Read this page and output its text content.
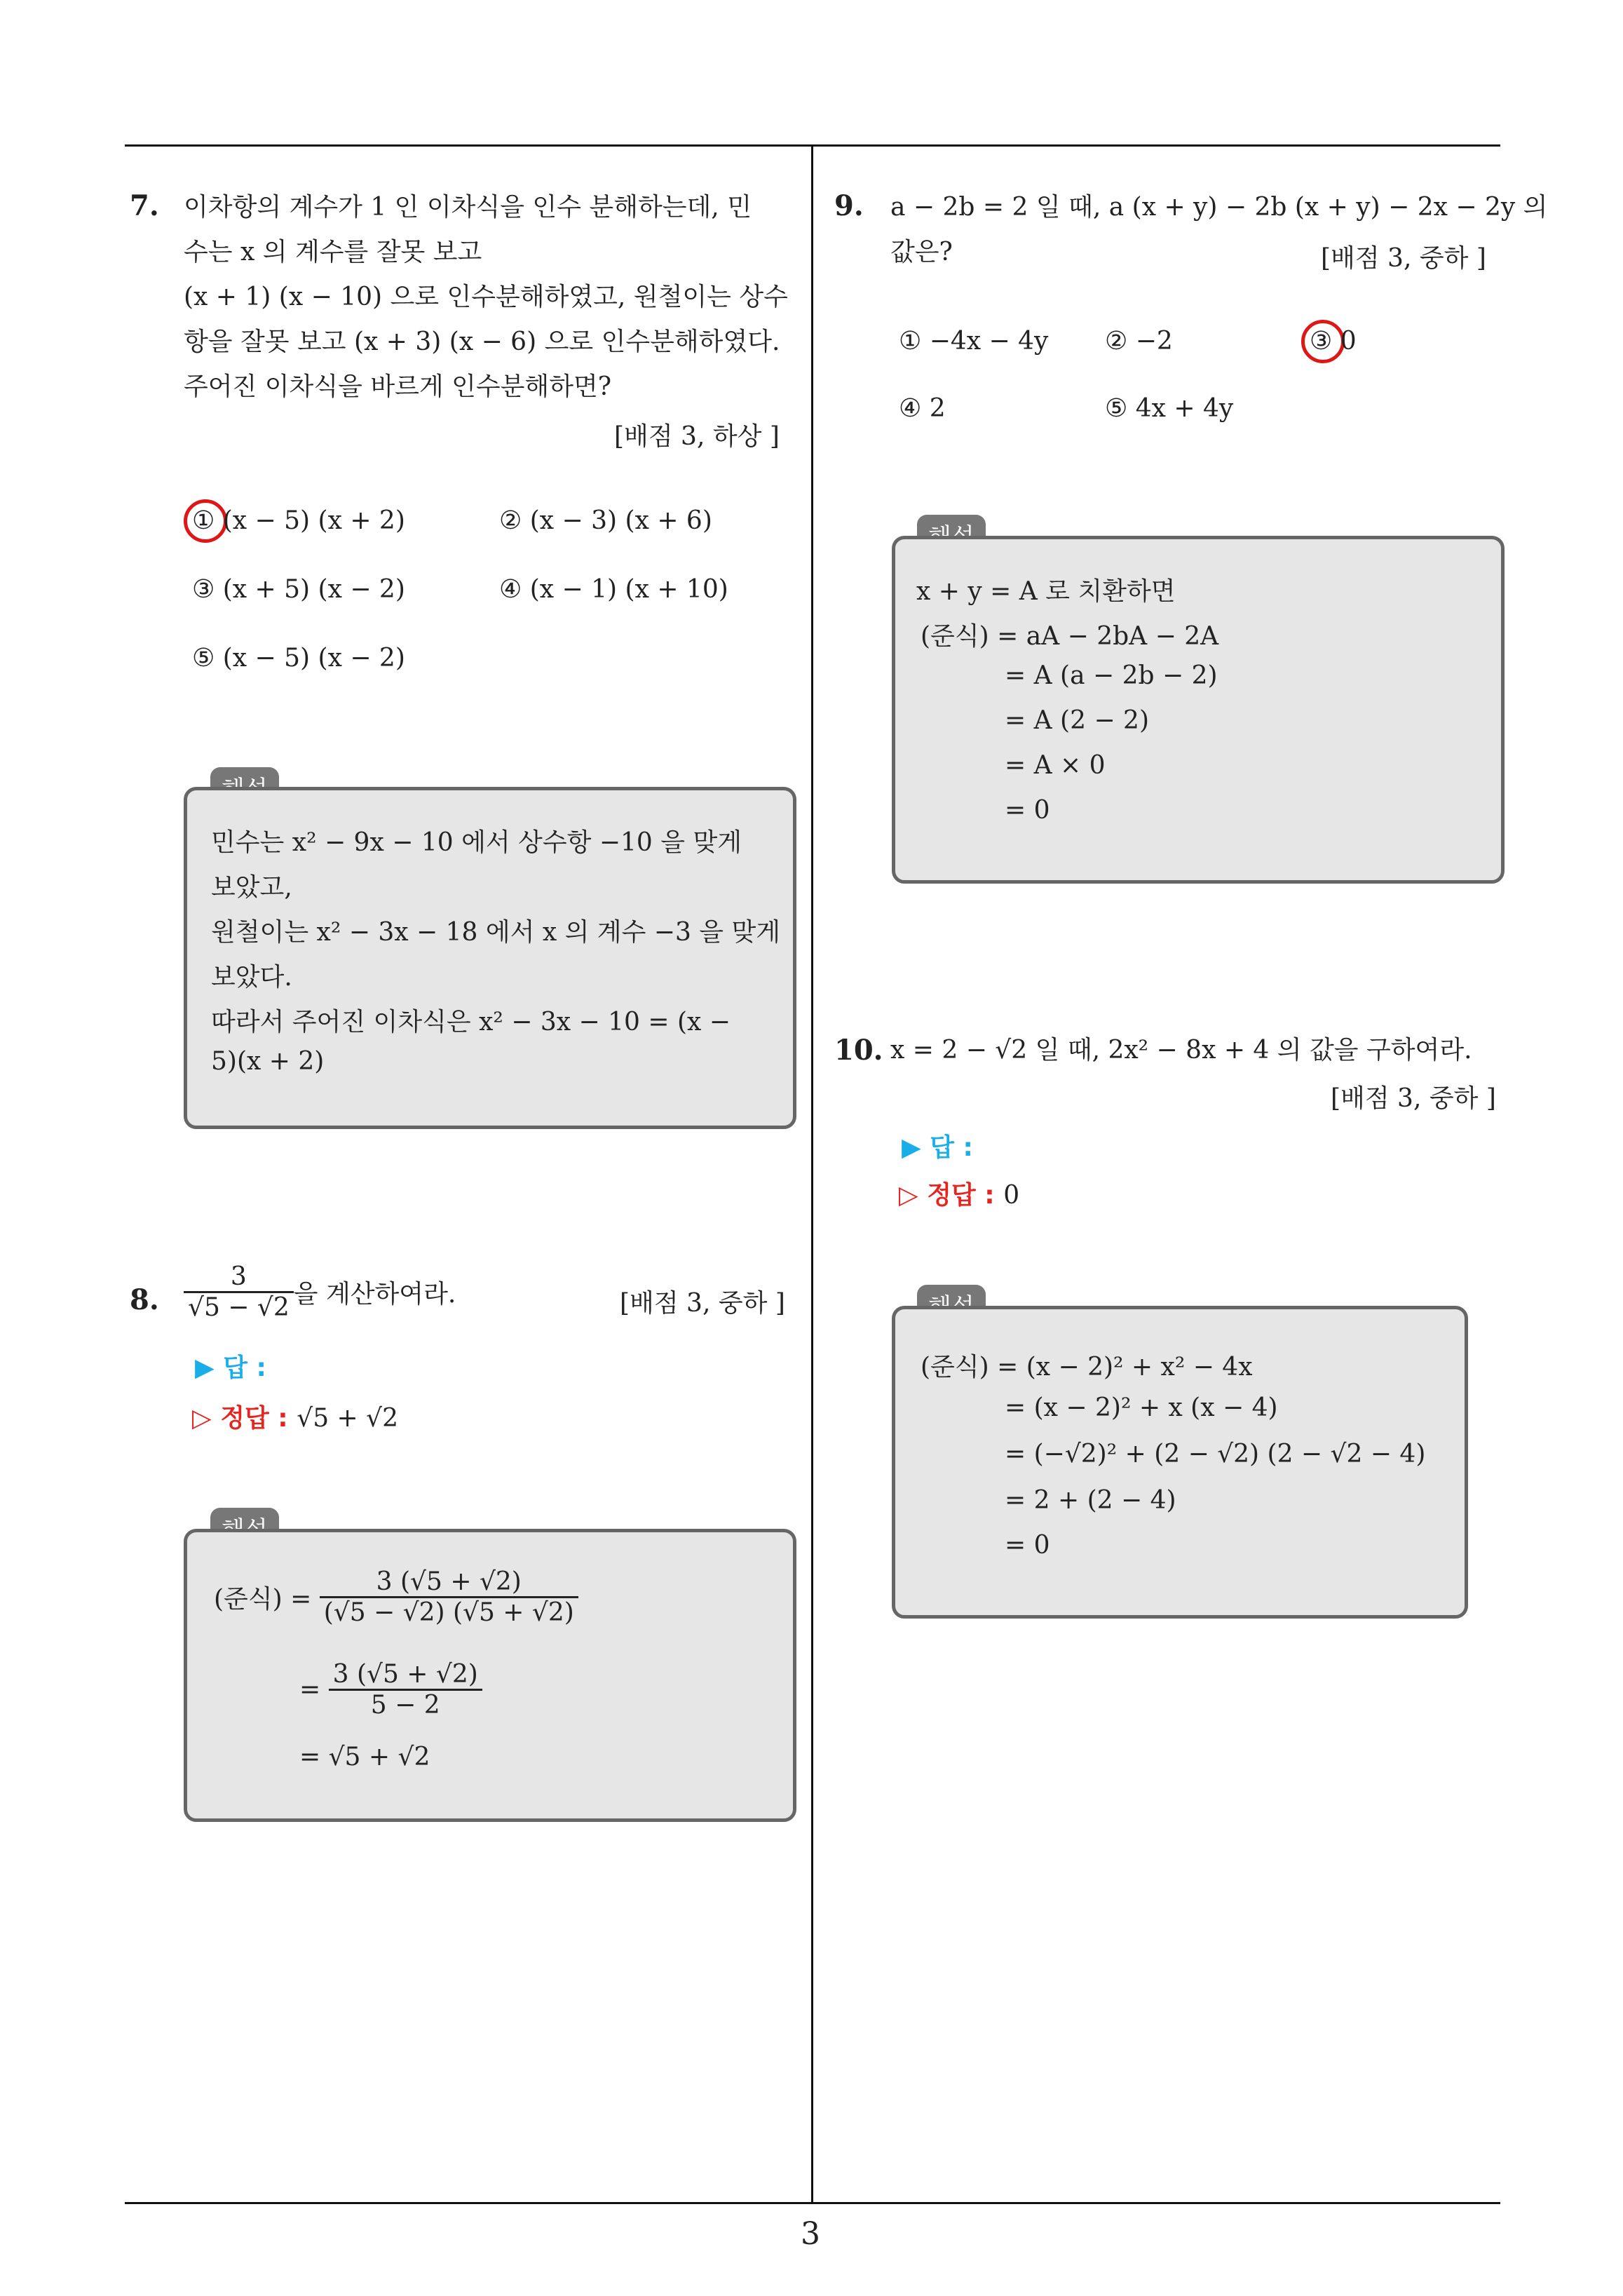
3
7. 이차항의 계수가 1 인 이차식을 인수 분해하는데, 민
수는 x 의 계수를 잘못 보고
(x + 1) (x − 10) 으로 인수분해하였고, 원철이는 상수
항을 잘못 보고 (x + 3) (x − 6) 으로 인수분해하였다.
주어진 이차식을 바르게 인수분해하면?
[배점 3, 하상 ]
① (x − 5) (x + 2)	② (x − 3) (x + 6)
③ (x + 5) (x − 2)	④ (x − 1) (x + 10)
⑤ (x − 5) (x − 2)
민수는 x² − 9x − 10 에서 상수항 −10 을 맞게
보았고,
원철이는 x² − 3x − 18 에서 x 의 계수 −3 을 맞게
보았다.
따라서 주어진 이차식은 x² − 3x − 10 = (x −
5)(x + 2)
8. $\frac{3}{√5 - √2}$ 을 계산하여라.	[배점 3, 중하 ]
▶ 답 :
▷ 정답 : √5 + √2
(준식) = $\frac{3 (√5 + √2)}{(√5 - √2) (√5 + √2)}$
= $\frac{3 (√5 + √2)}{5 - 2}$
= √5 + √2
9. a − 2b = 2 일 때, a (x + y) − 2b (x + y) − 2x − 2y 의
값은?	[배점 3, 중하 ]
① −4x − 4y ② −2	③ 0
④ 2	⑤ 4x + 4y
x + y = A 로 치환하면
(준식) = aA − 2bA − 2A
= A (a − 2b − 2)
= A (2 − 2)
= A × 0
= 0
10. x = 2 − √2 일 때, 2x² − 8x + 4 의 값을 구하여라.
[배점 3, 중하 ]
▶ 답 :
▷ 정답 : 0
(준식) = (x − 2)² + x² − 4x
= (x − 2)² + x (x − 4)
= (−√2)² + (2 − √2) (2 − √2 − 4)
= 2 + (2 − 4)
= 0
